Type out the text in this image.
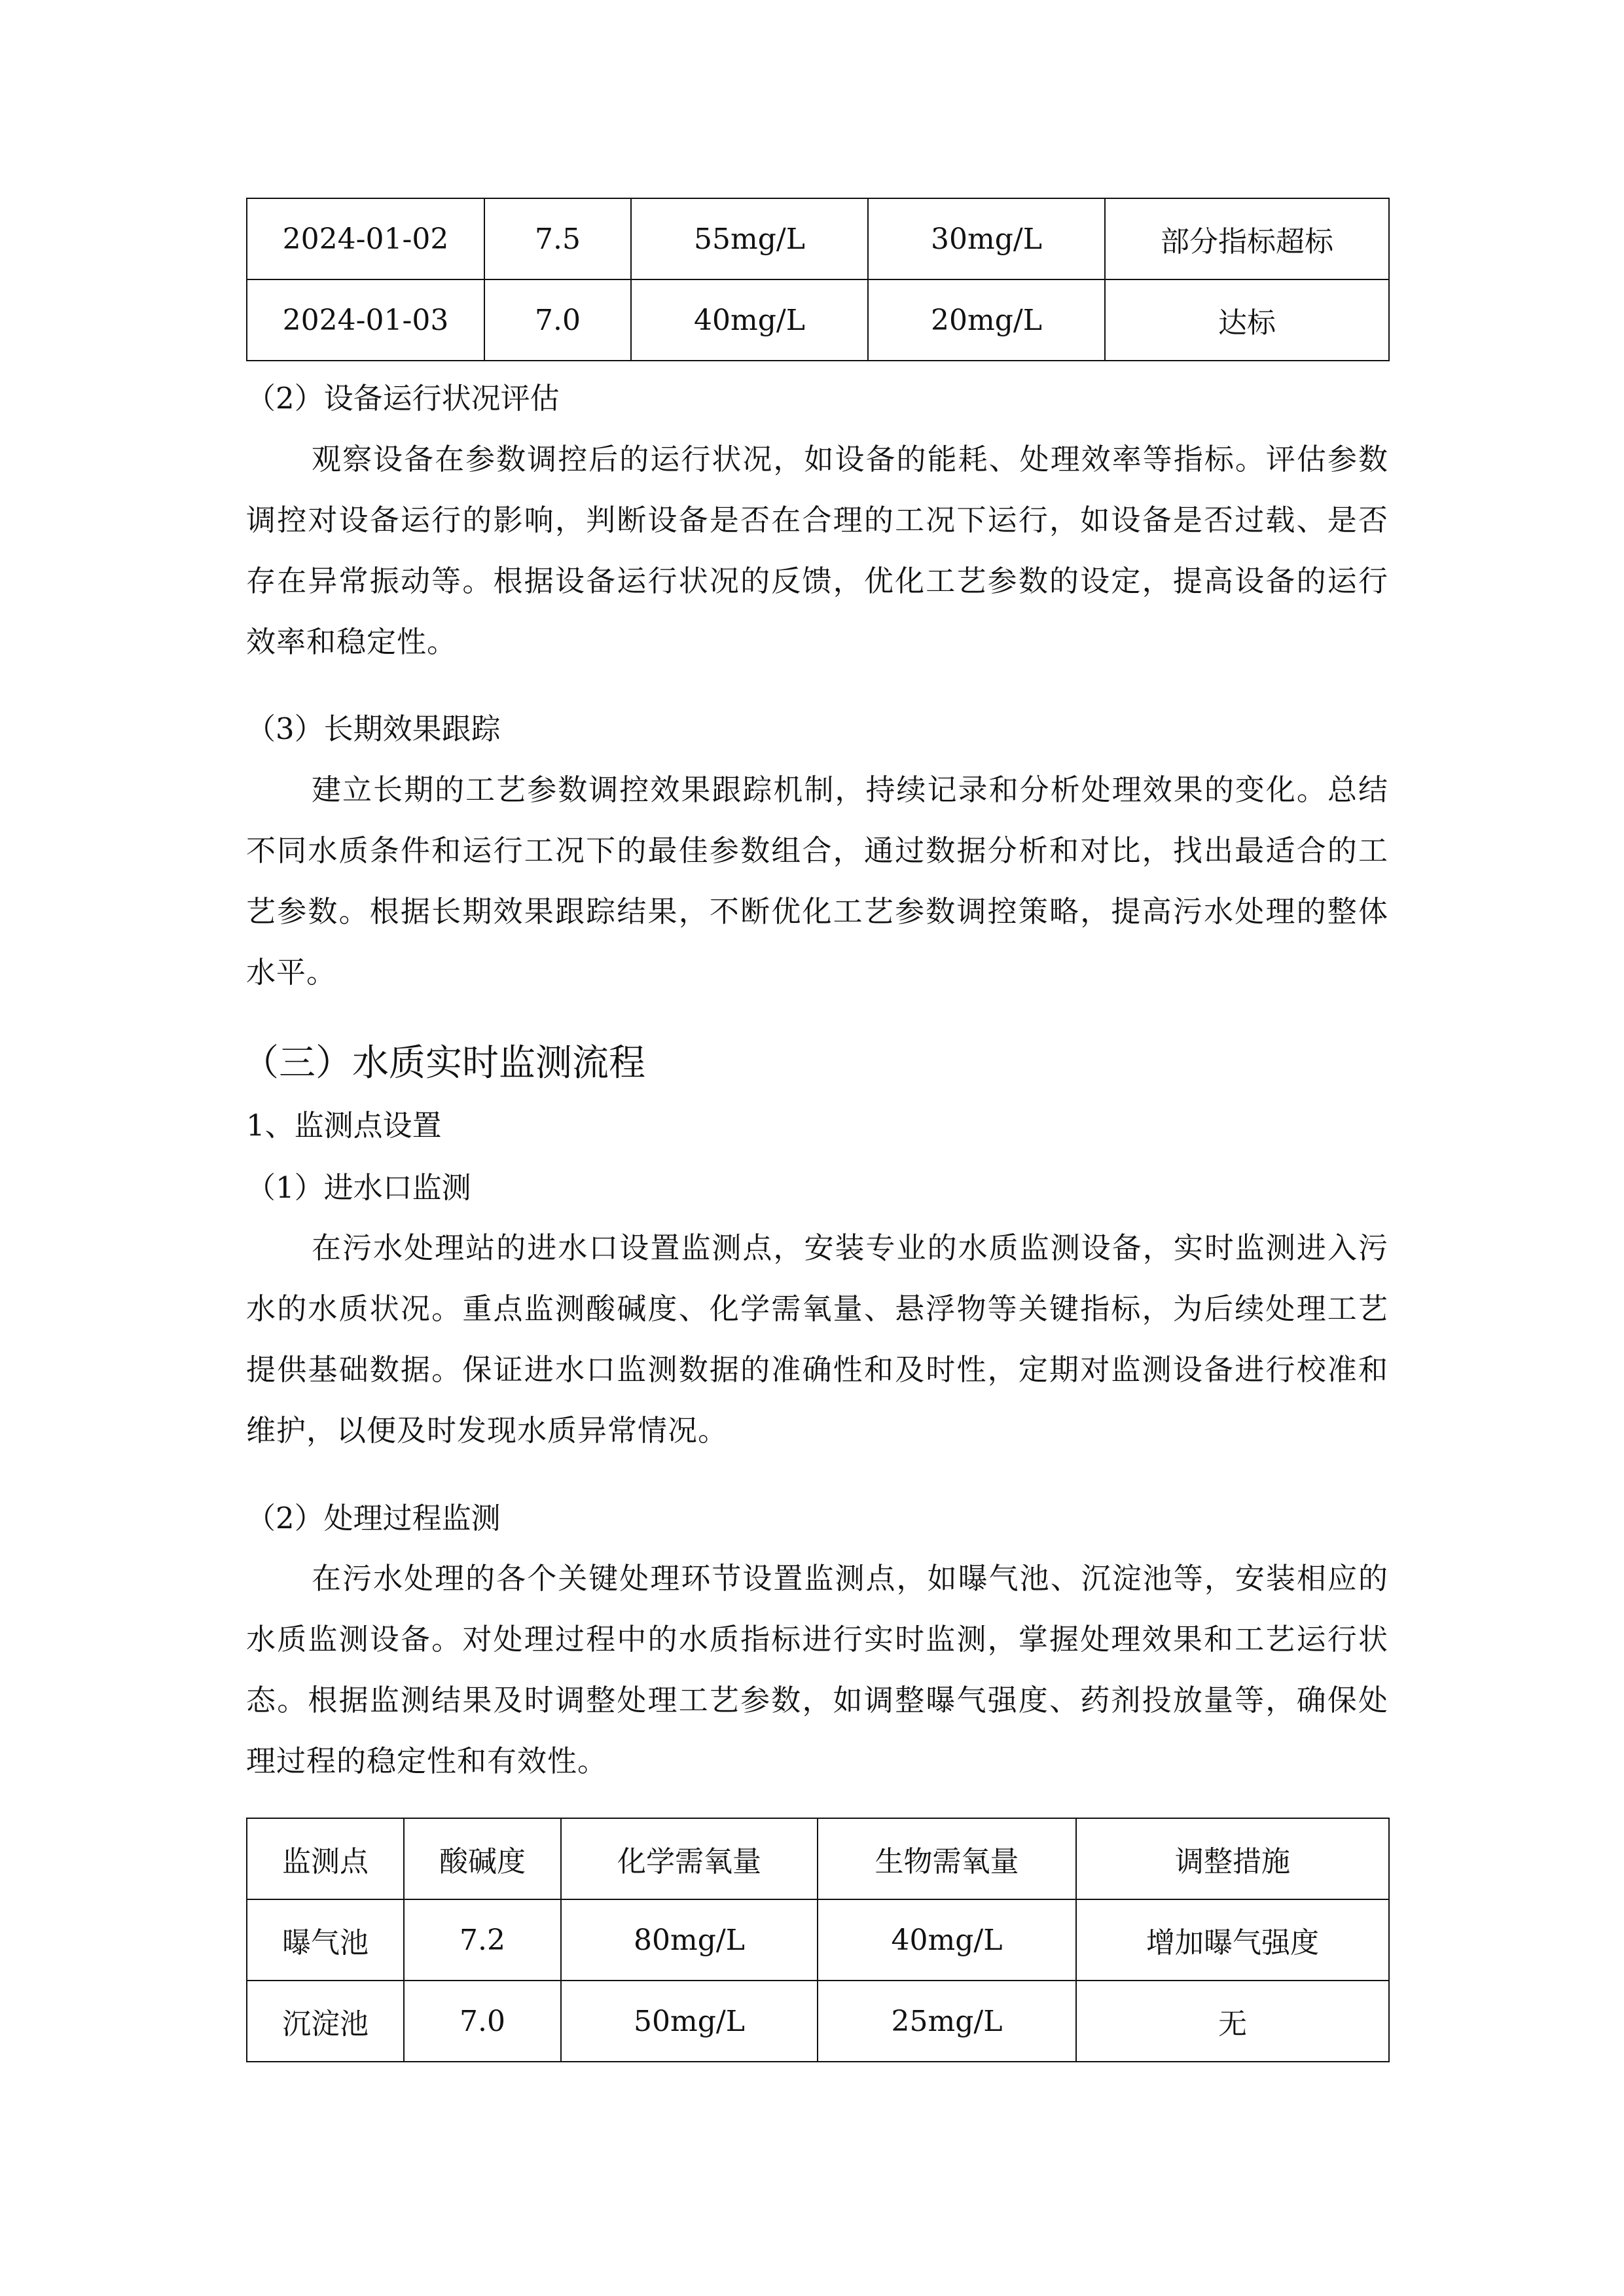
2024-01-02	7.5	55mg/L	30mg/L	部分指标超标
2024-01-03	7.0	40mg/L	20mg/L	达标
（2）设备运行状况评估

观察设备在参数调控后的运行状况，如设备的能耗、处理效率等指标。评估参数调控对设备运行的影响，判断设备是否在合理的工况下运行，如设备是否过载、是否存在异常振动等。根据设备运行状况的反馈，优化工艺参数的设定，提高设备的运行效率和稳定性。

（3）长期效果跟踪

建立长期的工艺参数调控效果跟踪机制，持续记录和分析处理效果的变化。总结不同水质条件和运行工况下的最佳参数组合，通过数据分析和对比，找出最适合的工艺参数。根据长期效果跟踪结果，不断优化工艺参数调控策略，提高污水处理的整体水平。

（三）水质实时监测流程
1、监测点设置
（1）进水口监测

在污水处理站的进水口设置监测点，安装专业的水质监测设备，实时监测进入污水的水质状况。重点监测酸碱度、化学需氧量、悬浮物等关键指标，为后续处理工艺提供基础数据。保证进水口监测数据的准确性和及时性，定期对监测设备进行校准和维护，以便及时发现水质异常情况。

（2）处理过程监测

在污水处理的各个关键处理环节设置监测点，如曝气池、沉淀池等，安装相应的水质监测设备。对处理过程中的水质指标进行实时监测，掌握处理效果和工艺运行状态。根据监测结果及时调整处理工艺参数，如调整曝气强度、药剂投放量等，确保处理过程的稳定性和有效性。

监测点	酸碱度	化学需氧量	生物需氧量	调整措施
曝气池	7.2	80mg/L	40mg/L	增加曝气强度
沉淀池	7.0	50mg/L	25mg/L	无
